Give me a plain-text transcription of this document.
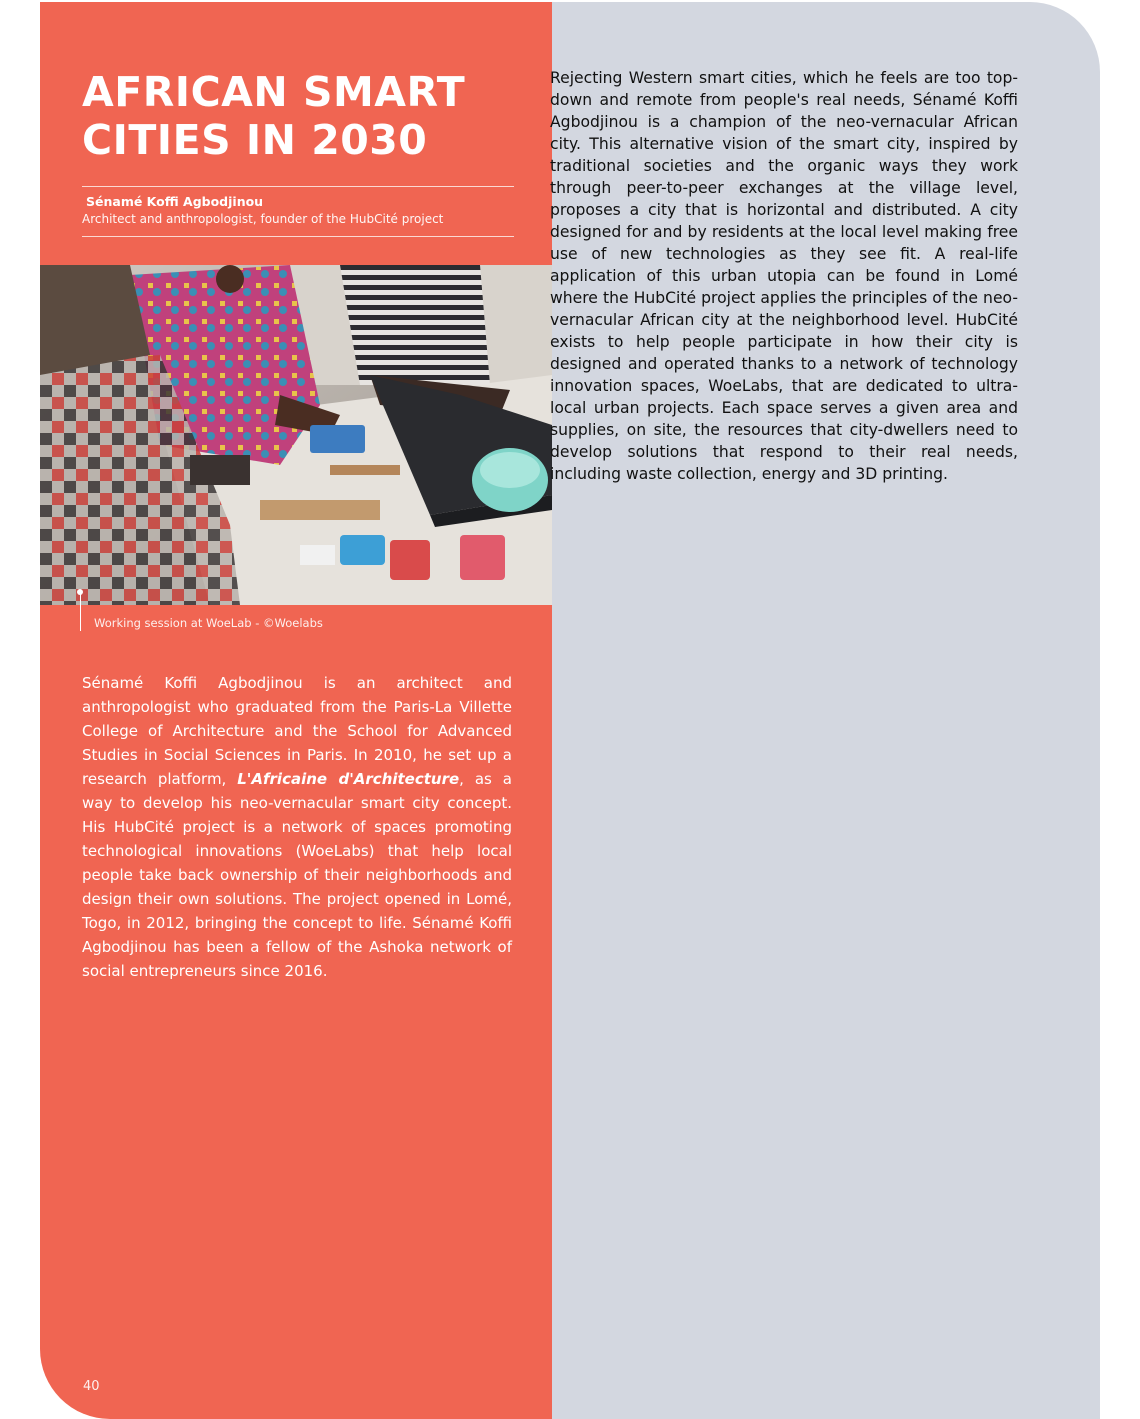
AFRICAN SMART CITIES IN 2030
Sénamé Koffi Agbodjinou
Architect and anthropologist, founder of the HubCité project
Working session at WoeLab - ©Woelabs

Sénamé Koffi Agbodjinou is an architect and anthropologist who graduated from the Paris-La Villette College of Architecture and the School for Advanced Studies in Social Sciences in Paris. In 2010, he set up a research platform, L'Africaine d'Architecture, as a way to develop his neo-vernacular smart city concept. His HubCité project is a network of spaces promoting technological innovations (WoeLabs) that help local people take back ownership of their neighborhoods and design their own solutions. The project opened in Lomé, Togo, in 2012, bringing the concept to life. Sénamé Koffi Agbodjinou has been a fellow of the Ashoka network of social entrepreneurs since 2016.

40

Rejecting Western smart cities, which he feels are too top-down and remote from people's real needs, Sénamé Koffi Agbodjinou is a champion of the neo-vernacular African city. This alternative vision of the smart city, inspired by traditional societies and the organic ways they work through peer-to-peer exchanges at the village level, proposes a city that is horizontal and distributed. A city designed for and by residents at the local level making free use of new technologies as they see fit. A real-life application of this urban utopia can be found in Lomé where the HubCité project applies the principles of the neo-vernacular African city at the neighborhood level. HubCité exists to help people participate in how their city is designed and operated thanks to a network of technology innovation spaces, WoeLabs, that are dedicated to ultra-local urban projects. Each space serves a given area and supplies, on site, the resources that city-dwellers need to develop solutions that respond to their real needs, including waste collection, energy and 3D printing.
